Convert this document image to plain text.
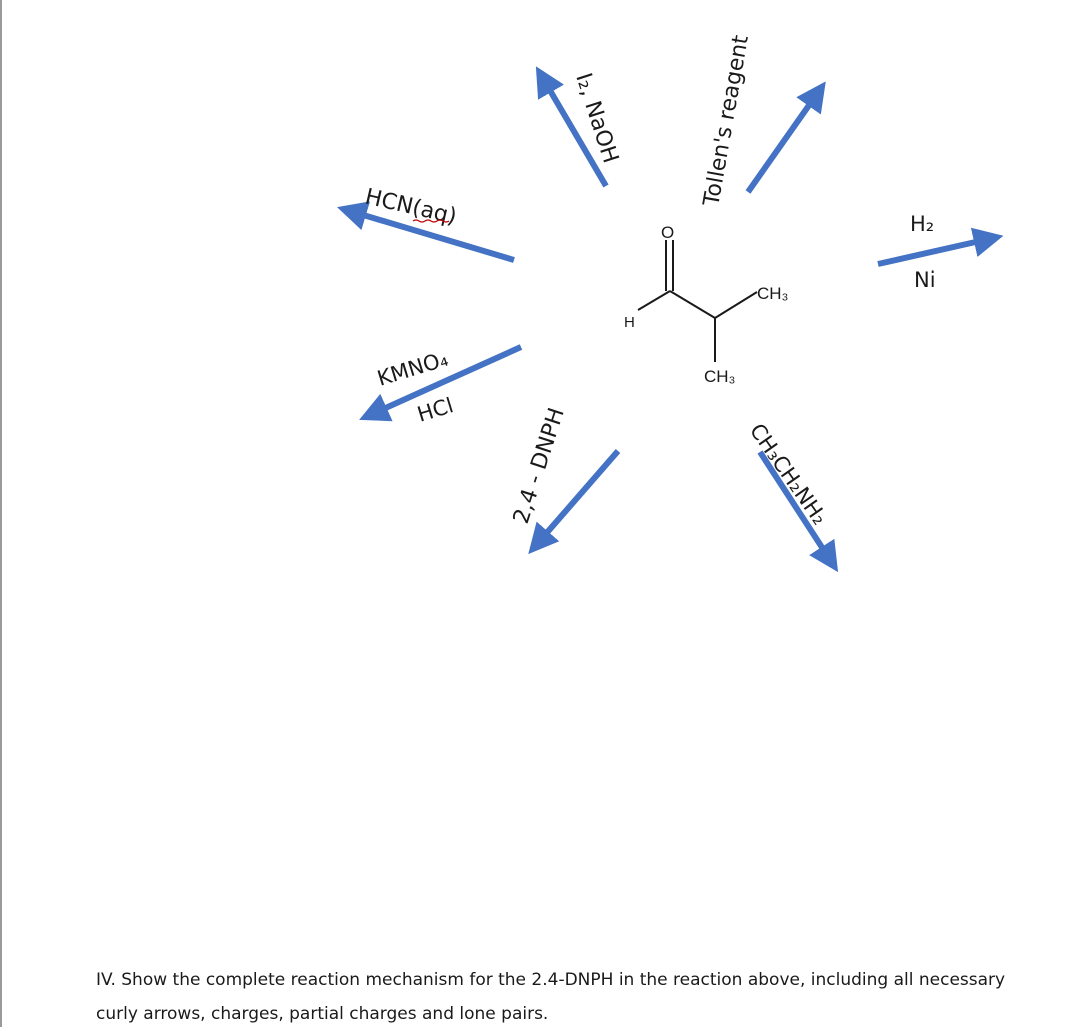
HCN(aq)
I₂, NaOH	Tollen's reagent
H₂
Ni
KMNO₄
HCl 2,4 - DNPH	CH₃CH₂NH₂
O
H
CH₃
CH₃
IV. Show the complete reaction mechanism for the 2.4-DNPH in the reaction above, including all necessary curly arrows, charges, partial charges and lone pairs.
